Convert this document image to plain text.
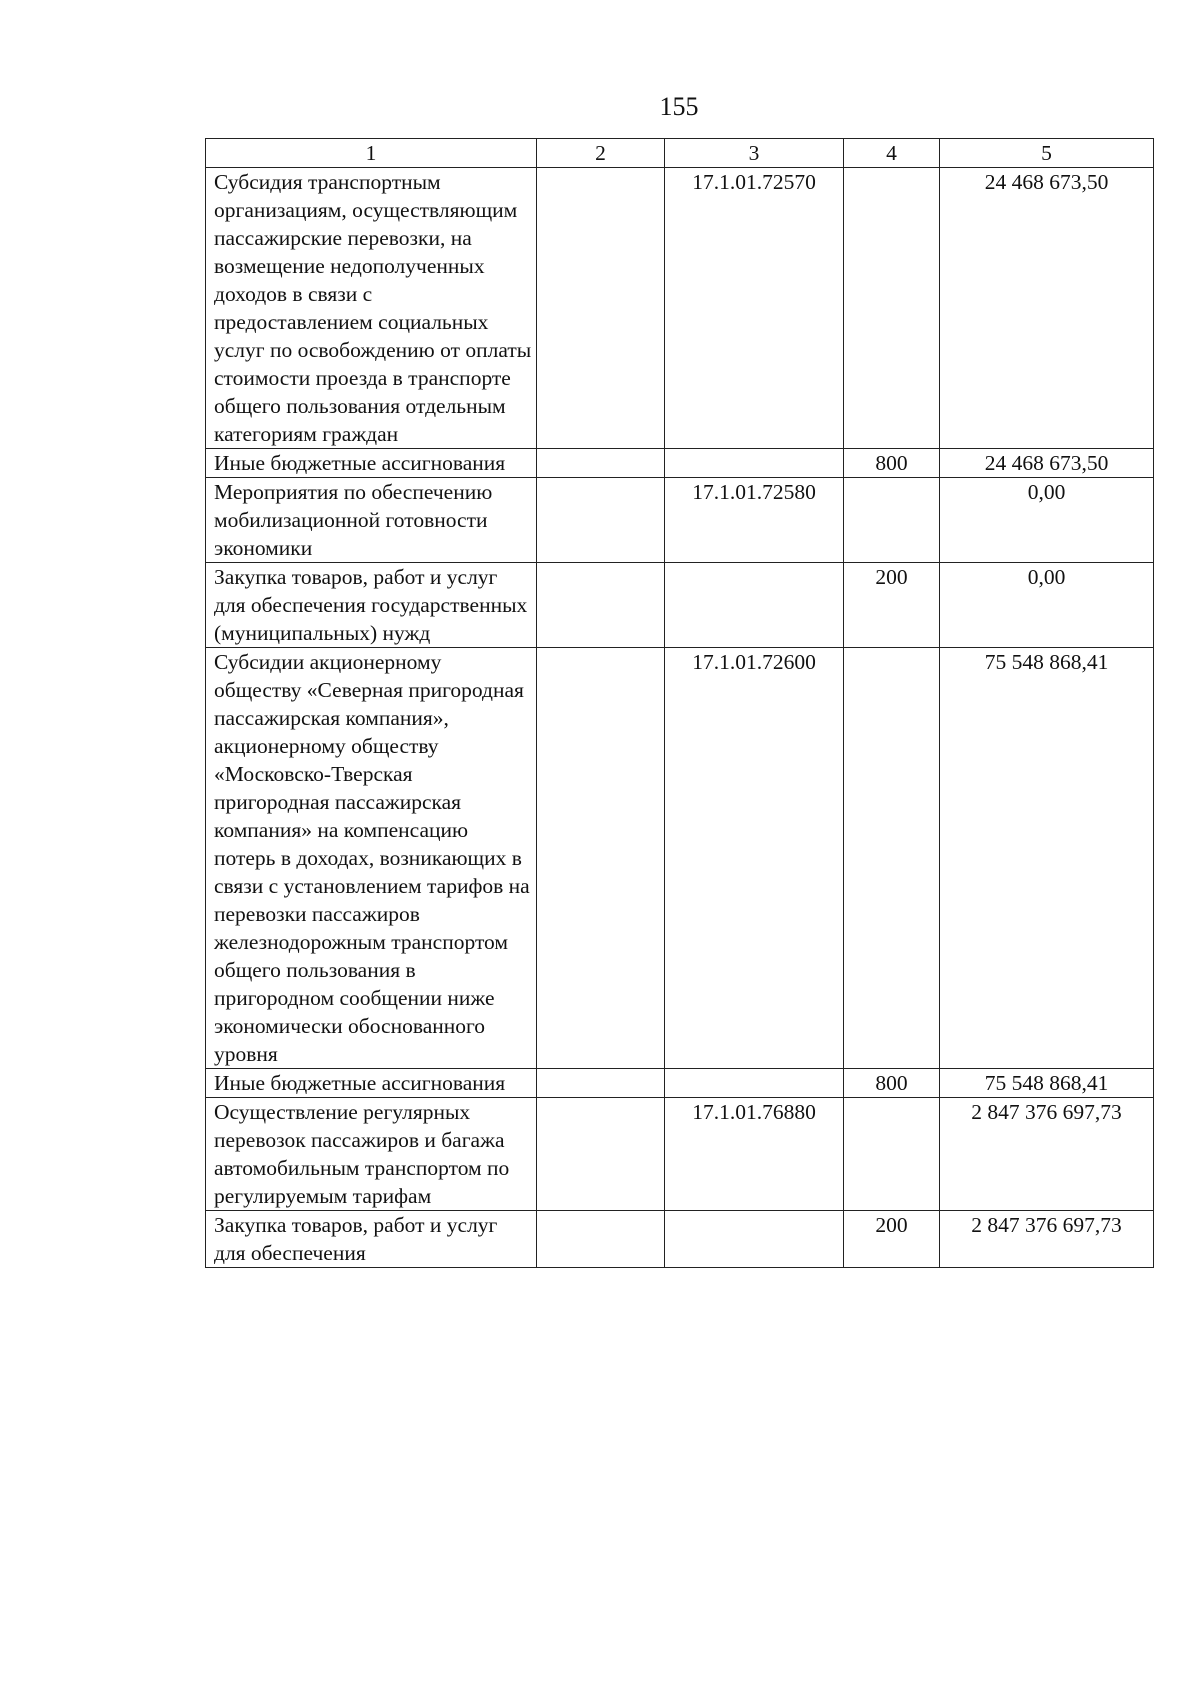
155
1	2	3	4	5
Субсидия транспортным организациям, осуществляющим пассажирские перевозки, на возмещение недополученных доходов в связи с предоставлением социальных услуг по освобождению от оплаты стоимости проезда в транспорте общего пользования отдельным категориям граждан		17.1.01.72570		24 468 673,50
Иные бюджетные ассигнования			800	24 468 673,50
Мероприятия по обеспечению мобилизационной готовности экономики		17.1.01.72580		0,00
Закупка товаров, работ и услуг для обеспечения государственных (муниципальных) нужд			200	0,00
Субсидии акционерному обществу «Северная пригородная пассажирская компания», акционерному обществу «Московско-Тверская пригородная пассажирская компания» на компенсацию потерь в доходах, возникающих в связи с установлением тарифов на перевозки пассажиров железнодорожным транспортом общего пользования в пригородном сообщении ниже экономически обоснованного уровня		17.1.01.72600		75 548 868,41
Иные бюджетные ассигнования			800	75 548 868,41
Осуществление регулярных перевозок пассажиров и багажа автомобильным транспортом по регулируемым тарифам		17.1.01.76880		2 847 376 697,73
Закупка товаров, работ и услуг для обеспечения			200	2 847 376 697,73
